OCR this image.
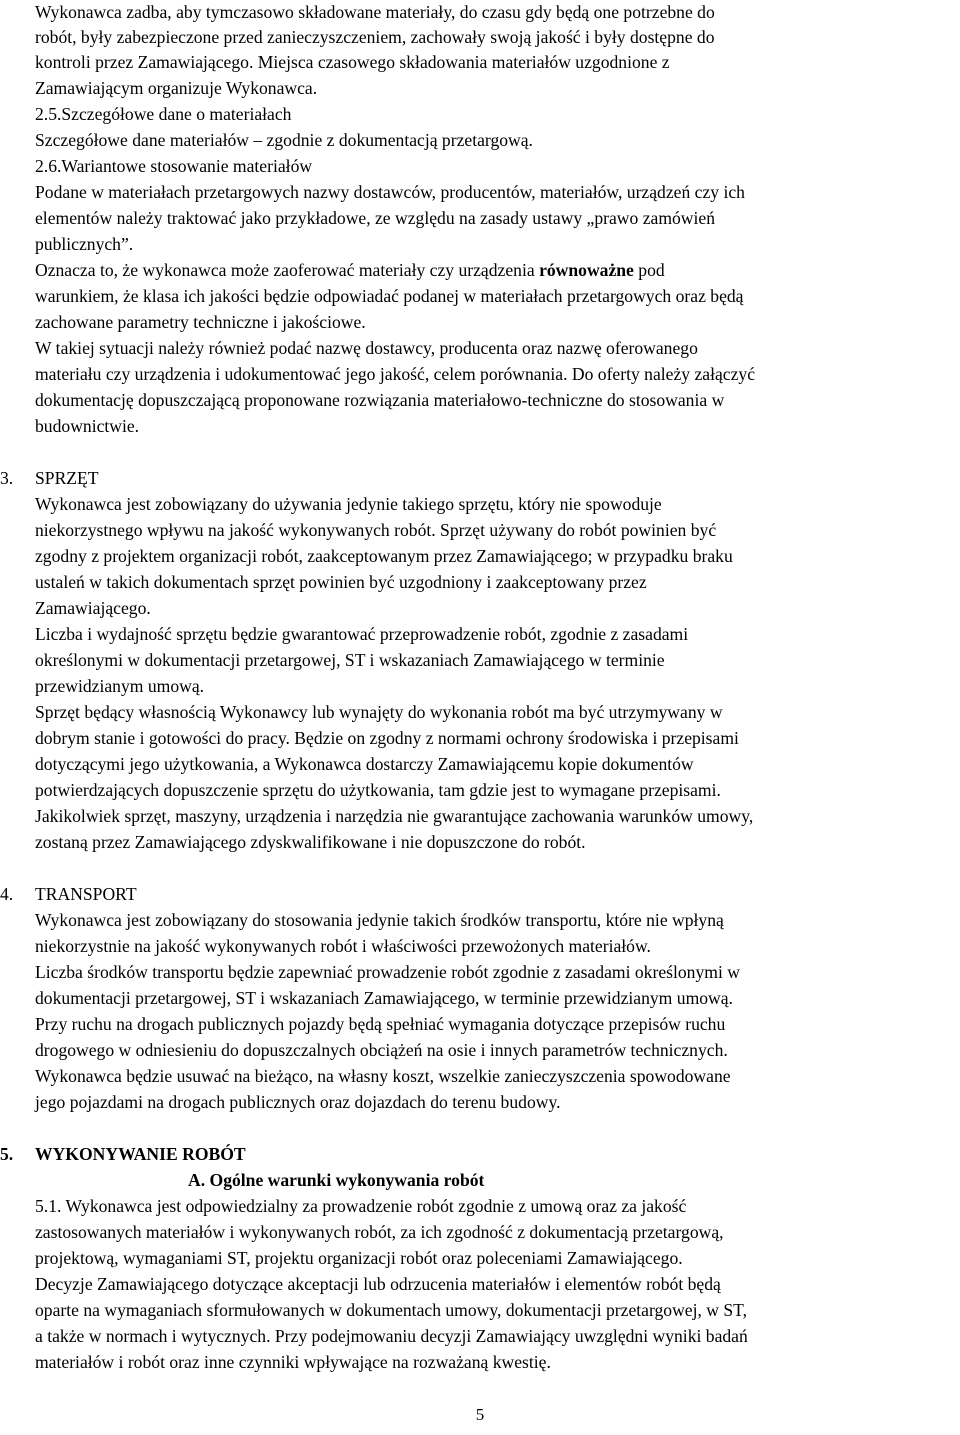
Wykonawca zadba, aby tymczasowo składowane materiały, do czasu gdy będą one potrzebne do
robót, były zabezpieczone przed zanieczyszczeniem, zachowały swoją jakość i były dostępne do
kontroli przez Zamawiającego. Miejsca czasowego składowania materiałów uzgodnione z
Zamawiającym organizuje Wykonawca.
2.5.Szczegółowe dane o materiałach
Szczegółowe dane materiałów – zgodnie z dokumentacją przetargową.
2.6.Wariantowe stosowanie materiałów
Podane w materiałach przetargowych nazwy dostawców, producentów, materiałów, urządzeń czy ich
elementów należy traktować jako przykładowe, ze względu na zasady ustawy „prawo zamówień
publicznych”.
Oznacza to, że wykonawca może zaoferować materiały czy urządzenia równoważne pod
warunkiem, że klasa ich jakości będzie odpowiadać podanej w materiałach przetargowych oraz będą
zachowane parametry techniczne i jakościowe.
W takiej sytuacji należy również podać nazwę dostawcy, producenta oraz nazwę oferowanego
materiału czy urządzenia i udokumentować jego jakość, celem porównania. Do oferty należy załączyć
dokumentację dopuszczającą proponowane rozwiązania materiałowo-techniczne do stosowania w
budownictwie.
3. SPRZĘT
Wykonawca jest zobowiązany do używania jedynie takiego sprzętu, który nie spowoduje
niekorzystnego wpływu na jakość wykonywanych robót. Sprzęt używany do robót powinien być
zgodny z projektem organizacji robót, zaakceptowanym przez Zamawiającego; w przypadku braku
ustaleń w takich dokumentach sprzęt powinien być uzgodniony i zaakceptowany przez
Zamawiającego.
Liczba i wydajność sprzętu będzie gwarantować przeprowadzenie robót, zgodnie z zasadami
określonymi w dokumentacji przetargowej, ST i wskazaniach Zamawiającego w terminie
przewidzianym umową.
Sprzęt będący własnością Wykonawcy lub wynajęty do wykonania robót ma być utrzymywany w
dobrym stanie i gotowości do pracy. Będzie on zgodny z normami ochrony środowiska i przepisami
dotyczącymi jego użytkowania, a Wykonawca dostarczy Zamawiającemu kopie dokumentów
potwierdzających dopuszczenie sprzętu do użytkowania, tam gdzie jest to wymagane przepisami.
Jakikolwiek sprzęt, maszyny, urządzenia i narzędzia nie gwarantujące zachowania warunków umowy,
zostaną przez Zamawiającego zdyskwalifikowane i nie dopuszczone do robót.
4. TRANSPORT
Wykonawca jest zobowiązany do stosowania jedynie takich środków transportu, które nie wpłyną
niekorzystnie na jakość wykonywanych robót i właściwości przewożonych materiałów.
Liczba środków transportu będzie zapewniać prowadzenie robót zgodnie z zasadami określonymi w
dokumentacji przetargowej, ST i wskazaniach Zamawiającego, w terminie przewidzianym umową.
Przy ruchu na drogach publicznych pojazdy będą spełniać wymagania dotyczące przepisów ruchu
drogowego w odniesieniu do dopuszczalnych obciążeń na osie i innych parametrów technicznych.
Wykonawca będzie usuwać na bieżąco, na własny koszt, wszelkie zanieczyszczenia spowodowane
jego pojazdami na drogach publicznych oraz dojazdach do terenu budowy.
5. WYKONYWANIE ROBÓT
A. Ogólne warunki wykonywania robót
5.1. Wykonawca jest odpowiedzialny za prowadzenie robót zgodnie z umową oraz za jakość
zastosowanych materiałów i wykonywanych robót, za ich zgodność z dokumentacją przetargową,
projektową, wymaganiami ST, projektu organizacji robót oraz poleceniami Zamawiającego.
Decyzje Zamawiającego dotyczące akceptacji lub odrzucenia materiałów i elementów robót będą
oparte na wymaganiach sformułowanych w dokumentach umowy, dokumentacji przetargowej, w ST,
a także w normach i wytycznych. Przy podejmowaniu decyzji Zamawiający uwzględni wyniki badań
materiałów i robót oraz inne czynniki wpływające na rozważaną kwestię.
5
